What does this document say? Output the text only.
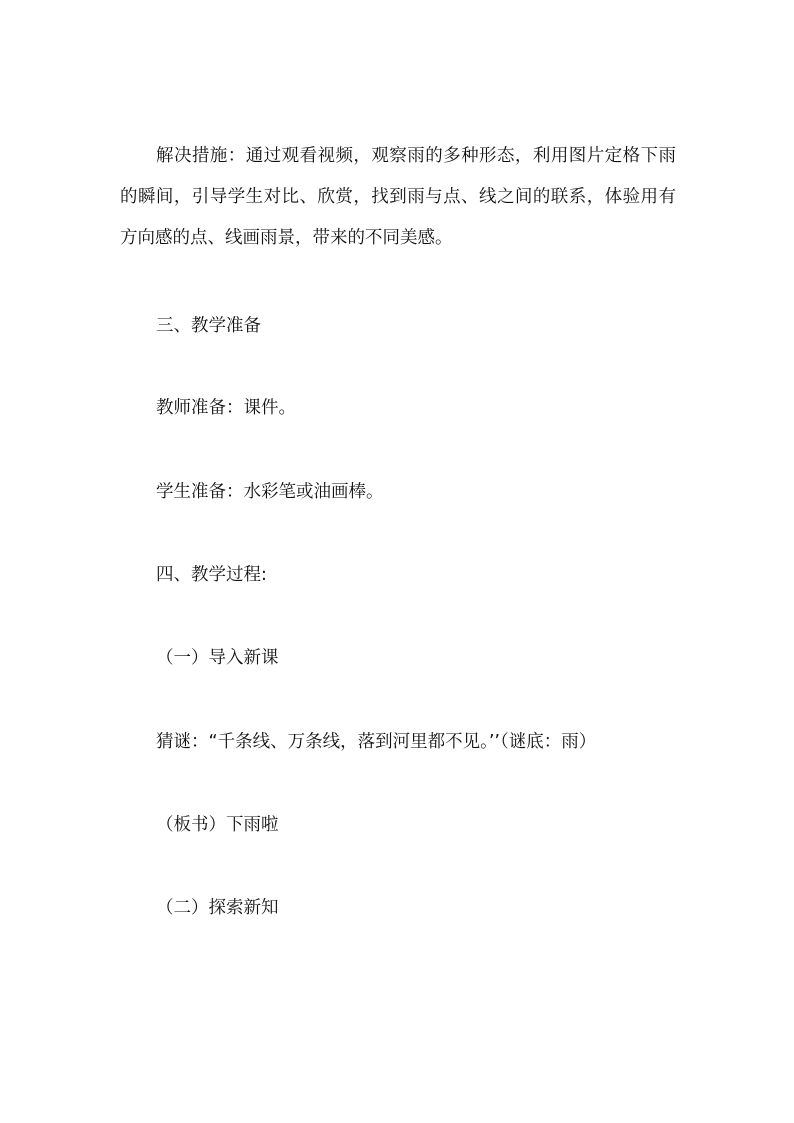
解决措施：通过观看视频，观察雨的多种形态，利用图片定格下雨的瞬间，引导学生对比、欣赏，找到雨与点、线之间的联系，体验用有方向感的点、线画雨景，带来的不同美感。
三、教学准备
教师准备：课件。
学生准备：水彩笔或油画棒。
四、教学过程:
（一）导入新课
猜谜：“千条线、万条线，落到河里都不见。’’（谜底：雨）
（板书）下雨啦
（二）探索新知
